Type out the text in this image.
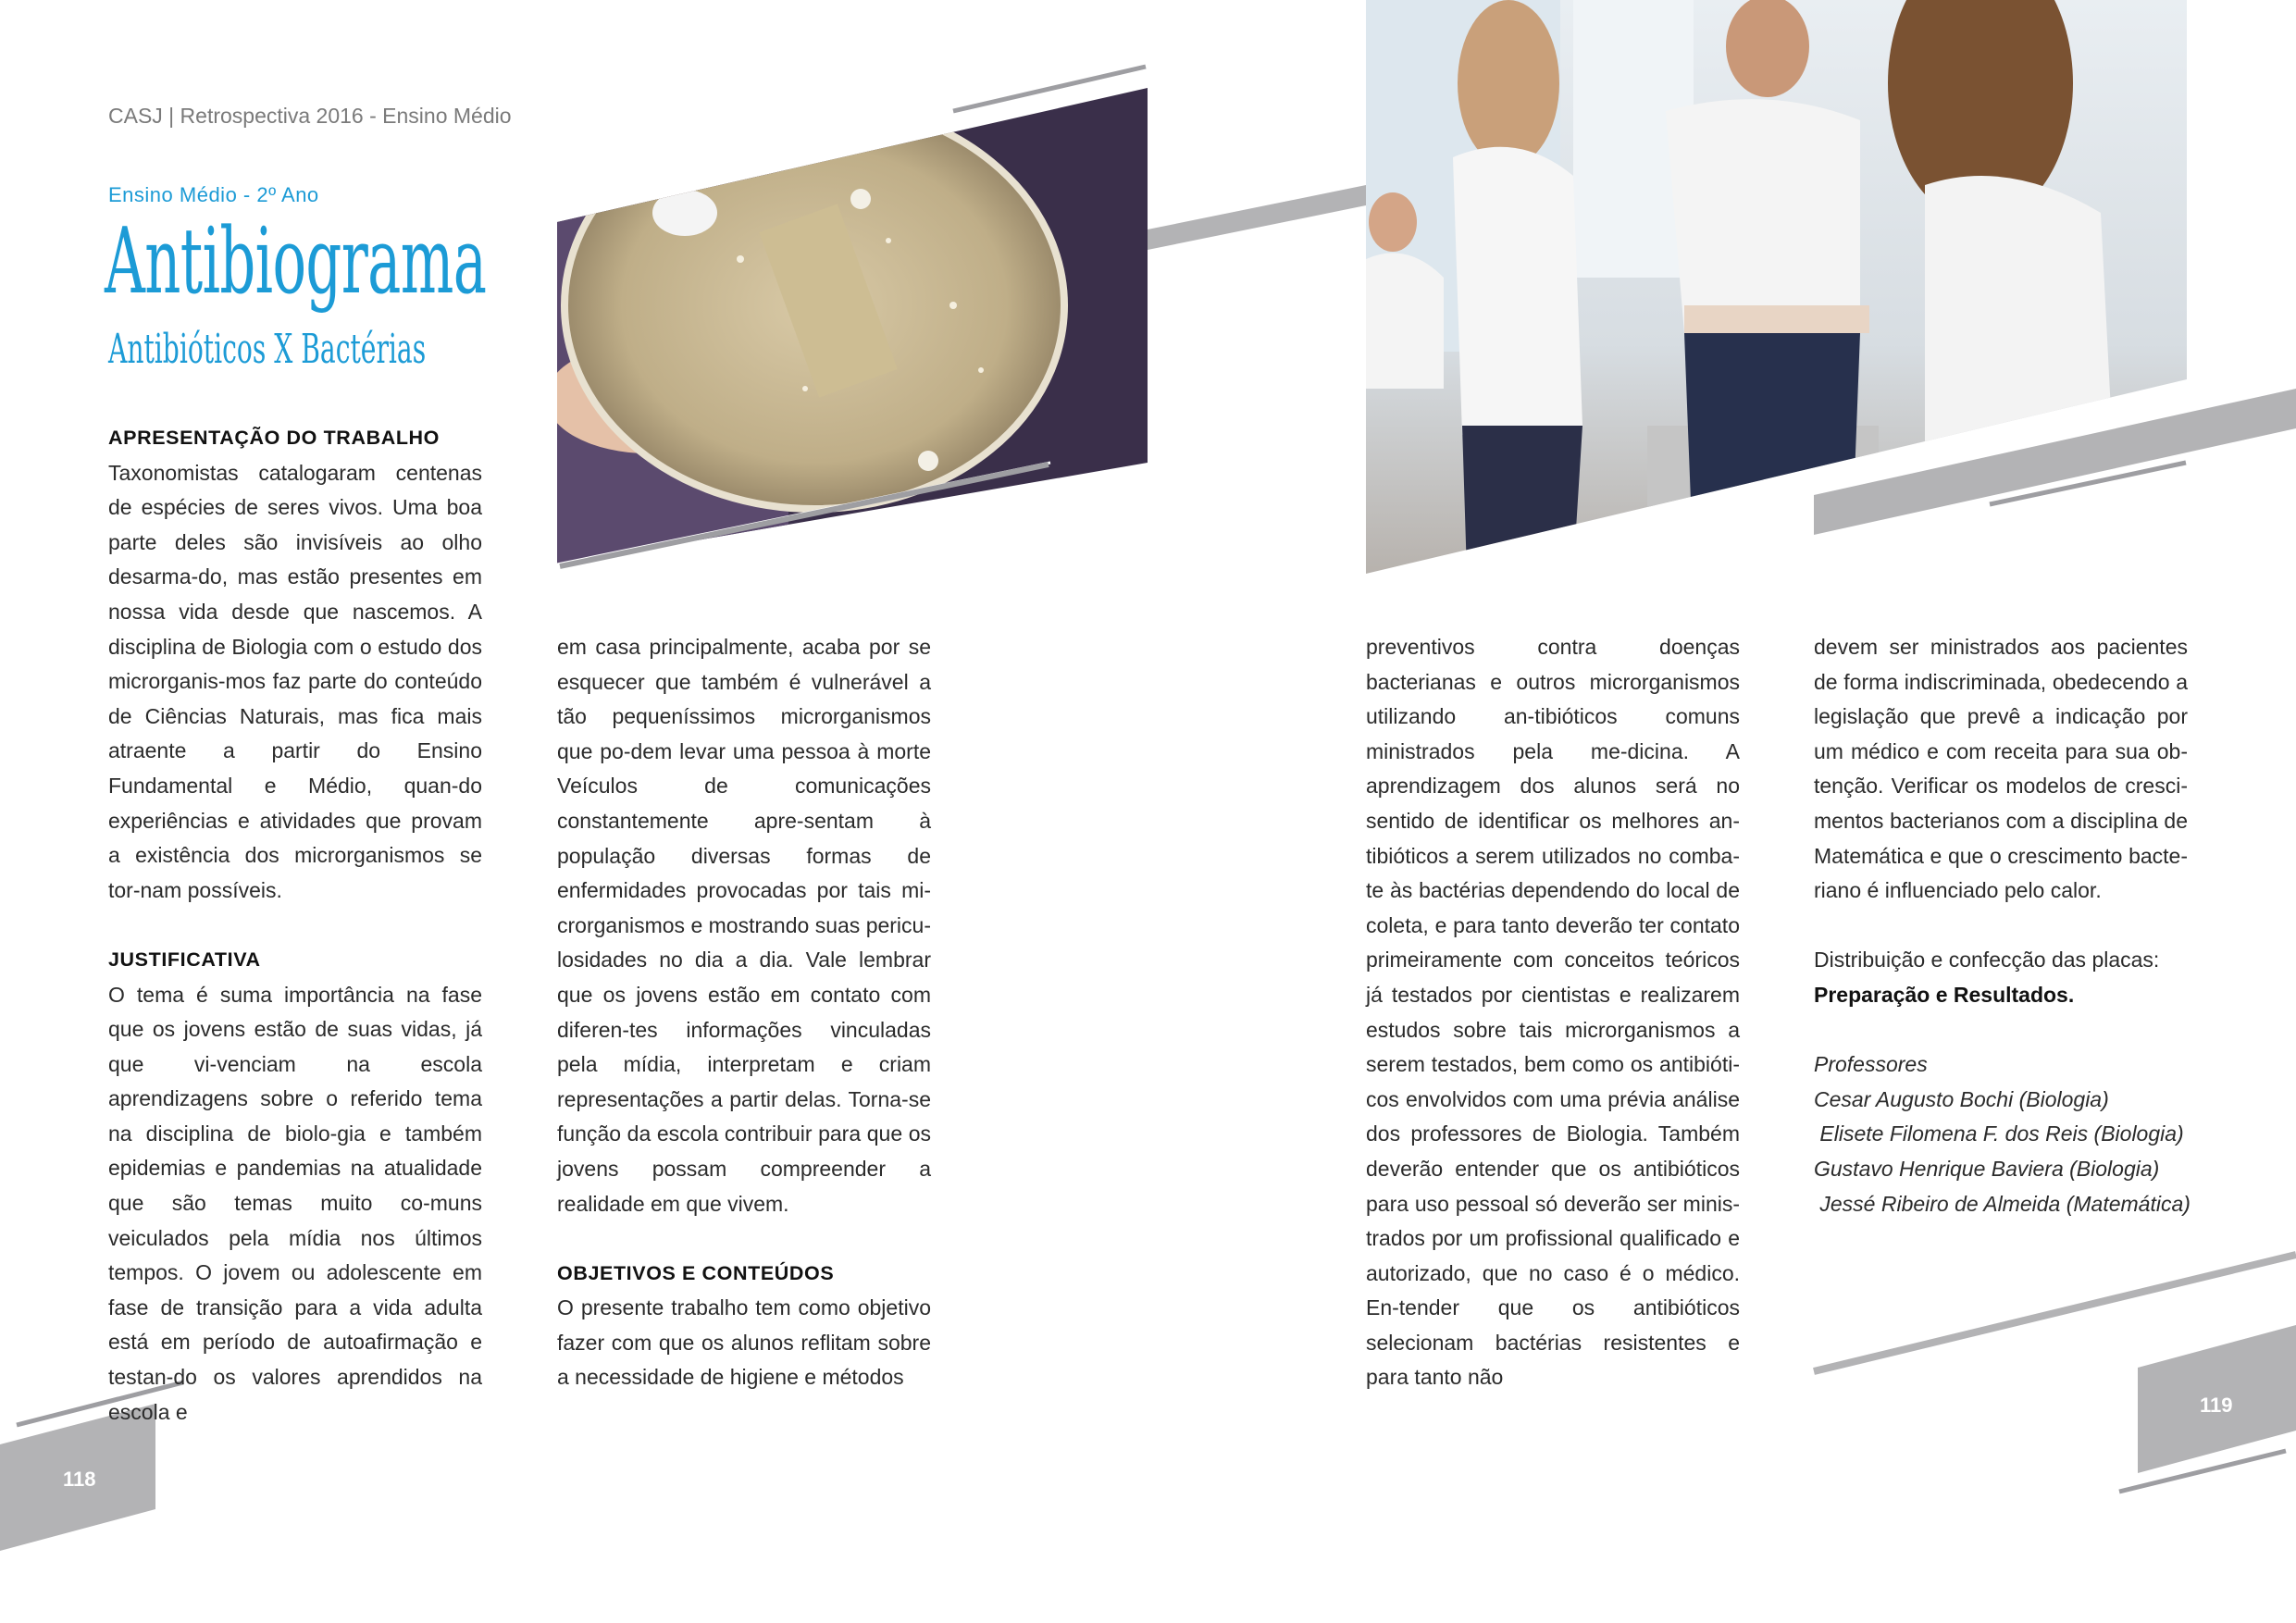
CASJ | Retrospectiva 2016 - Ensino Médio
Ensino Médio - 2º Ano
Antibiograma
Antibióticos X Bactérias
118
119

APRESENTAÇÃO DO TRABALHO

Taxonomistas catalogaram centenas de espécies de seres vivos. Uma boa parte deles são invisíveis ao olho desarma-do, mas estão presentes em nossa vida desde que nascemos. A disciplina de Biologia com o estudo dos microrganis-mos faz parte do conteúdo de Ciências Naturais, mas fica mais atraente a partir do Ensino Fundamental e Médio, quan-do experiências e atividades que provam a existência dos microrganismos se tor-nam possíveis.

JUSTIFICATIVA

O tema é suma importância na fase que os jovens estão de suas vidas, já que vi-venciam na escola aprendizagens sobre o referido tema na disciplina de biolo-gia e também epidemias e pandemias na atualidade que são temas muito co-muns veiculados pela mídia nos últimos tempos. O jovem ou adolescente em fase de transição para a vida adulta está em período de autoafirmação e testan-do os valores aprendidos na escola e

em casa principalmente, acaba por se esquecer que também é vulnerável a tão pequeníssimos microrganismos que po-dem levar uma pessoa à morte Veículos de comunicações constantemente apre-sentam à população diversas formas de enfermidades provocadas por tais mi-crorganismos e mostrando suas pericu-losidades no dia a dia. Vale lembrar que os jovens estão em contato com diferen-tes informações vinculadas pela mídia, interpretam e criam representações a partir delas. Torna-se função da escola contribuir para que os jovens possam compreender a realidade em que vivem.

OBJETIVOS E CONTEÚDOS

O presente trabalho tem como objetivo fazer com que os alunos reflitam sobre a necessidade de higiene e métodos

preventivos contra doenças bacterianas e outros microrganismos utilizando an-tibióticos comuns ministrados pela me-dicina. A aprendizagem dos alunos será no sentido de identificar os melhores an-tibióticos a serem utilizados no comba-te às bactérias dependendo do local de coleta, e para tanto deverão ter contato primeiramente com conceitos teóricos já testados por cientistas e realizarem estudos sobre tais microrganismos a serem testados, bem como os antibióti-cos envolvidos com uma prévia análise dos professores de Biologia. Também deverão entender que os antibióticos para uso pessoal só deverão ser minis-trados por um profissional qualificado e autorizado, que no caso é o médico. En-tender que os antibióticos selecionam bactérias resistentes e para tanto não

devem ser ministrados aos pacientes de forma indiscriminada, obedecendo a legislação que prevê a indicação por um médico e com receita para sua ob-tenção. Verificar os modelos de cresci-mentos bacterianos com a disciplina de Matemática e que o crescimento bacte-riano é influenciado pelo calor.

Distribuição e confecção das placas:

Preparação e Resultados.

Professores

Cesar Augusto Bochi (Biologia)

Elisete Filomena F. dos Reis (Biologia)

Gustavo Henrique Baviera (Biologia)

Jessé Ribeiro de Almeida (Matemática)
